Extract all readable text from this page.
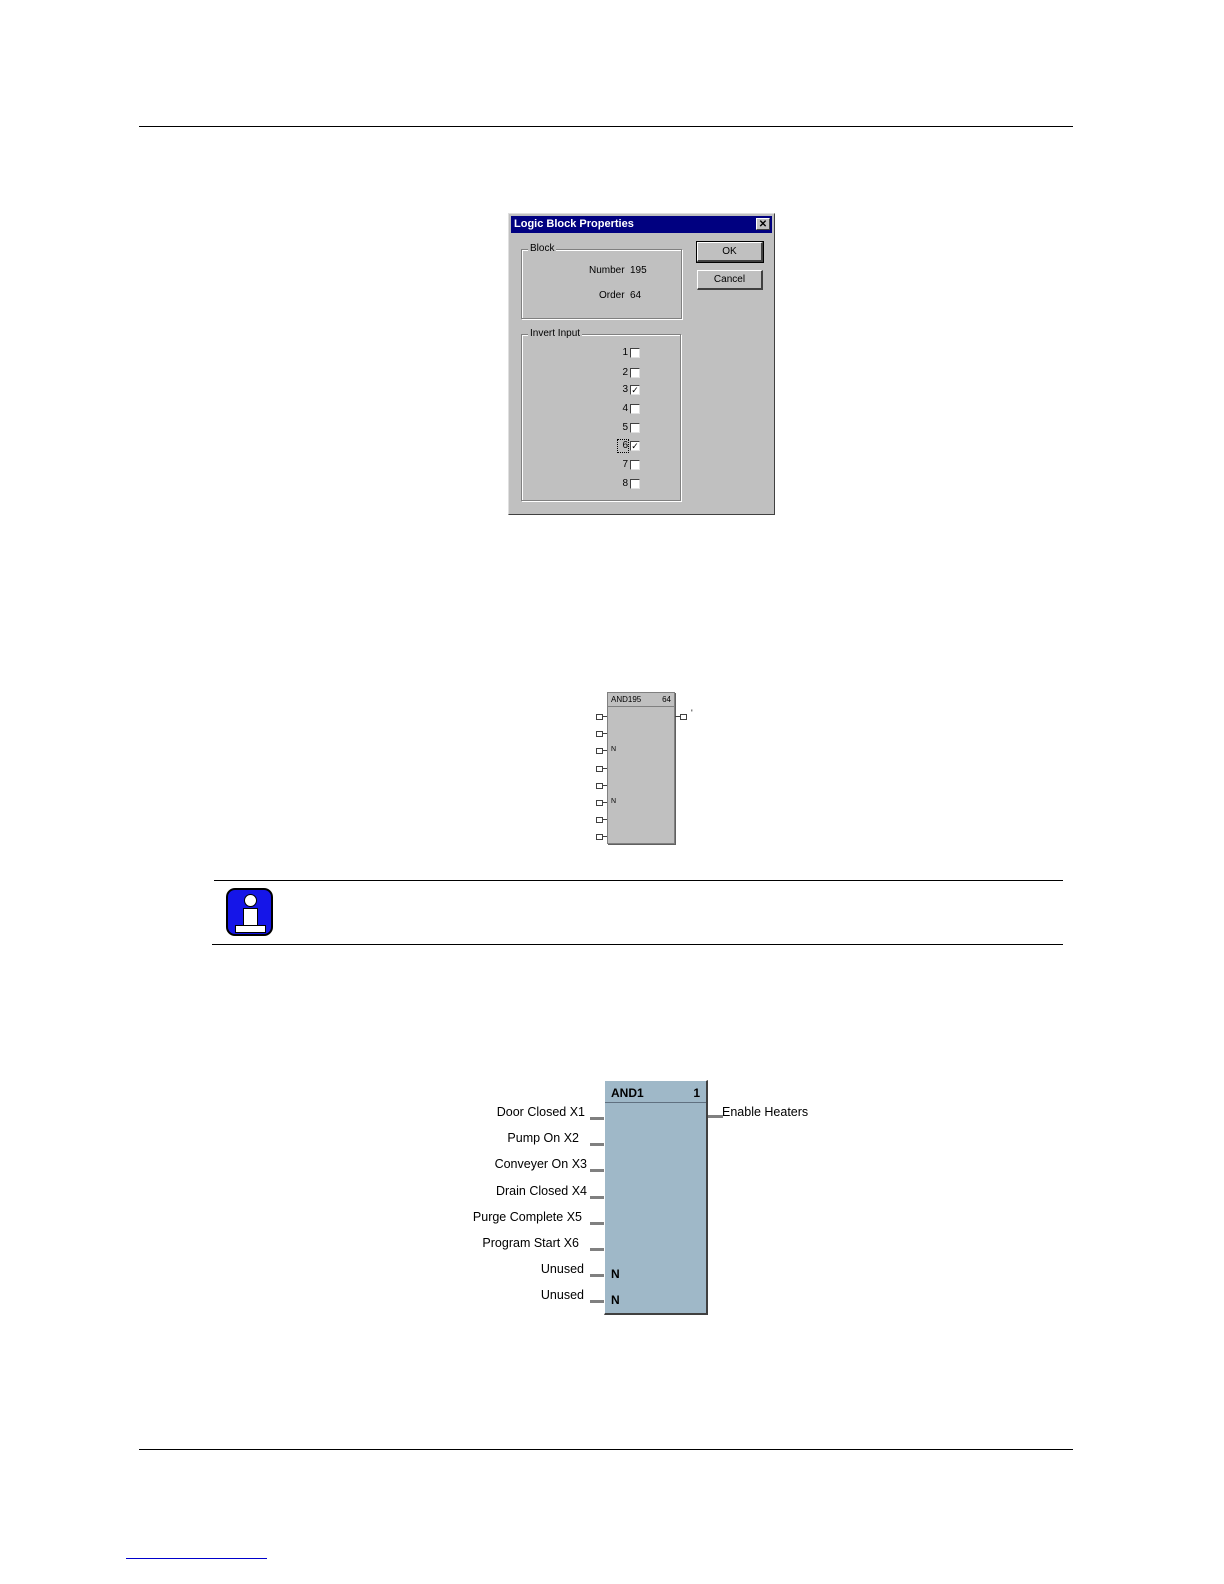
Logic Block Properties	✕
Block
Number 195
Order 64
OK
Cancel
Invert Input
1
2
3 ✓
4
5
6 ✓
7
8
AND195	64
N
N
'
Door Closed X1
Pump On X2
Conveyer On X3
Drain Closed X4
Purge Complete X5
Program Start X6
Unused
Unused
AND1	1
N
N
Enable Heaters
